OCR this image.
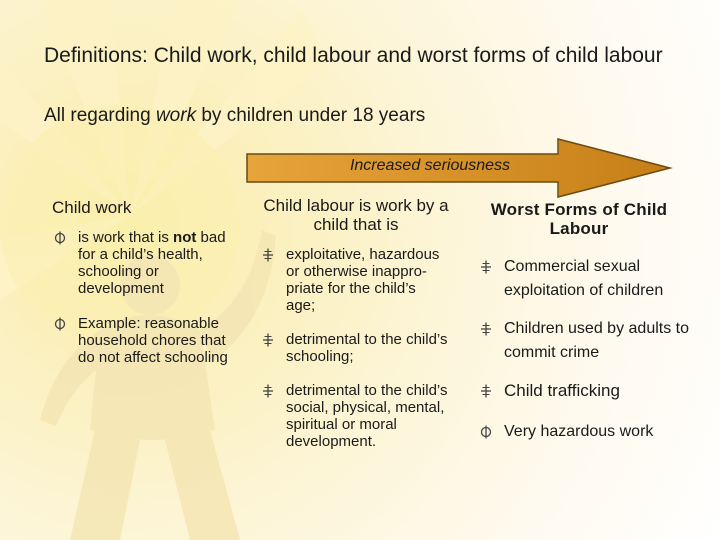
Definitions: Child work, child labour and worst forms of child labour
All regarding work by children under 18 years
Increased seriousness
Child work
is work that is not bad for a child’s health, schooling or development
Example: reasonable household chores that do not affect schooling
Child labour is work by a child that is
exploitative, hazardous or otherwise inappro-priate for the child’s age;
detrimental to the child’s schooling;
detrimental to the child’s social, physical, mental, spiritual or moral development.
Worst Forms of Child Labour
Commercial sexual exploitation of children
Children used by adults to commit crime
Child trafficking
Very hazardous work
